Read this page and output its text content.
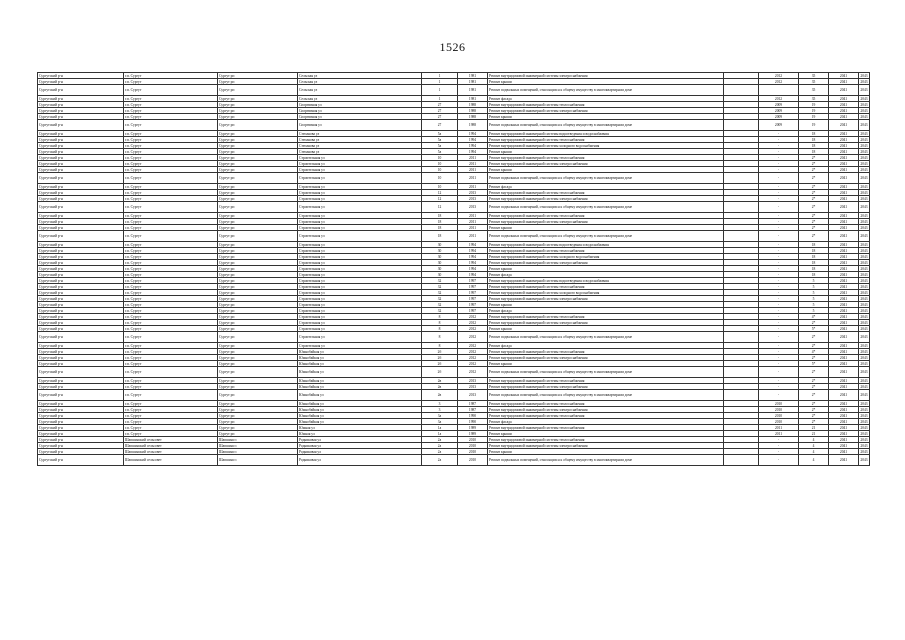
1526
Сургутский р-н	г.п. Сургут	Сургут рп	Сельская ул	1	1981	Ремонт внутридомовой инженерной системы электроснабжения		2012	35	2041	2043
Сургутский р-н	г.п. Сургут	Сургут рп	Сельская ул	1	1981	Ремонт крыши		2012	35	2041	2043
Сургутский р-н	г.п. Сургут	Сургут рп	Сельская ул	1	1981	Ремонт подвальных помещений, относящихся к общему имуществу в многоквартирном доме			35	2041	2043
Сургутский р-н	г.п. Сургут	Сургут рп	Сельская ул	1	1981	Ремонт фасада		2012	35	2041	2043
Сургутский р-н	г.п. Сургут	Сургут рп	Спортивная ул	27	1988	Ремонт внутридомовой инженерной системы теплоснабжения		2009	19	2041	2043
Сургутский р-н	г.п. Сургут	Сургут рп	Спортивная ул	27	1988	Ремонт внутридомовой инженерной системы электроснабжения		2009	19	2041	2043
Сургутский р-н	г.п. Сургут	Сургут рп	Спортивная ул	27	1988	Ремонт крыши		2009	19	2041	2043
Сургутский р-н	г.п. Сургут	Сургут рп	Спортивная ул	27	1988	Ремонт подвальных помещений, относящихся к общему имуществу в многоквартирном доме		2009	19	2041	2043
Сургутский р-н	г.п. Сургут	Сургут рп	Степанова ул	5а	1994	Ремонт внутридомовой инженерной системы водоотведения и водоснабжения		-	18	2041	2043
Сургутский р-н	г.п. Сургут	Сургут рп	Степанова ул	5а	1994	Ремонт внутридомовой инженерной системы теплоснабжения		-	18	2041	2043
Сургутский р-н	г.п. Сургут	Сургут рп	Степанова ул	5а	1994	Ремонт внутридомовой инженерной системы холодного водоснабжения		-	18	2041	2043
Сургутский р-н	г.п. Сургут	Сургут рп	Степанова ул	5а	1994	Ремонт крыши		-	18	2041	2043
Сургутский р-н	г.п. Сургут	Сургут рп	Строительная ул	10	2011	Ремонт внутридомовой инженерной системы теплоснабжения		-	2*	2041	2043
Сургутский р-н	г.п. Сургут	Сургут рп	Строительная ул	10	2011	Ремонт внутридомовой инженерной системы электроснабжения		-	2*	2041	2043
Сургутский р-н	г.п. Сургут	Сургут рп	Строительная ул	10	2011	Ремонт крыши		-	2*	2041	2043
Сургутский р-н	г.п. Сургут	Сургут рп	Строительная ул	10	2011	Ремонт подвальных помещений, относящихся к общему имуществу в многоквартирном доме		-	2*	2041	2043
Сургутский р-н	г.п. Сургут	Сургут рп	Строительная ул	10	2011	Ремонт фасада		-	2*	2041	2043
Сургутский р-н	г.п. Сургут	Сургут рп	Строительная ул	12	2013	Ремонт внутридомовой инженерной системы теплоснабжения		-	2*	2041	2043
Сургутский р-н	г.п. Сургут	Сургут рп	Строительная ул	12	2013	Ремонт внутридомовой инженерной системы электроснабжения		-	2*	2041	2043
Сургутский р-н	г.п. Сургут	Сургут рп	Строительная ул	12	2013	Ремонт подвальных помещений, относящихся к общему имуществу в многоквартирном доме		-	2*	2041	2043
Сургутский р-н	г.п. Сургут	Сургут рп	Строительная ул	18	2011	Ремонт внутридомовой инженерной системы теплоснабжения		-	2*	2041	2043
Сургутский р-н	г.п. Сургут	Сургут рп	Строительная ул	18	2011	Ремонт внутридомовой инженерной системы электроснабжения		-	2*	2041	2043
Сургутский р-н	г.п. Сургут	Сургут рп	Строительная ул	18	2011	Ремонт крыши		-	2*	2041	2043
Сургутский р-н	г.п. Сургут	Сургут рп	Строительная ул	18	2011	Ремонт подвальных помещений, относящихся к общему имуществу в многоквартирном доме		-	2*	2041	2043
Сургутский р-н	г.п. Сургут	Сургут рп	Строительная ул	30	1994	Ремонт внутридомовой инженерной системы водоотведения и водоснабжения		-	18	2041	2043
Сургутский р-н	г.п. Сургут	Сургут рп	Строительная ул	30	1994	Ремонт внутридомовой инженерной системы теплоснабжения		-	18	2041	2043
Сургутский р-н	г.п. Сургут	Сургут рп	Строительная ул	30	1994	Ремонт внутридомовой инженерной системы холодного водоснабжения		-	18	2041	2043
Сургутский р-н	г.п. Сургут	Сургут рп	Строительная ул	30	1994	Ремонт внутридомовой инженерной системы электроснабжения		-	18	2041	2043
Сургутский р-н	г.п. Сургут	Сургут рп	Строительная ул	30	1994	Ремонт крыши		-	18	2041	2043
Сургутский р-н	г.п. Сургут	Сургут рп	Строительная ул	30	1994	Ремонт фасада		-	18	2041	2043
Сургутский р-н	г.п. Сургут	Сургут рп	Строительная ул	32	1997	Ремонт внутридомовой инженерной системы водоотведения и водоснабжения		-	5	2041	2043
Сургутский р-н	г.п. Сургут	Сургут рп	Строительная ул	32	1997	Ремонт внутридомовой инженерной системы теплоснабжения		-	5	2041	2043
Сургутский р-н	г.п. Сургут	Сургут рп	Строительная ул	32	1997	Ремонт внутридомовой инженерной системы холодного водоснабжения		-	5	2041	2043
Сургутский р-н	г.п. Сургут	Сургут рп	Строительная ул	32	1997	Ремонт внутридомовой инженерной системы электроснабжения		-	5	2041	2043
Сургутский р-н	г.п. Сургут	Сургут рп	Строительная ул	32	1997	Ремонт крыши		-	5	2041	2043
Сургутский р-н	г.п. Сургут	Сургут рп	Строительная ул	32	1997	Ремонт фасада		-	5	2041	2043
Сургутский р-н	г.п. Сургут	Сургут рп	Строительная ул	8	2012	Ремонт внутридомовой инженерной системы теплоснабжения		-	4*	2041	2043
Сургутский р-н	г.п. Сургут	Сургут рп	Строительная ул	8	2012	Ремонт внутридомовой инженерной системы электроснабжения		-	2*	2041	2043
Сургутский р-н	г.п. Сургут	Сургут рп	Строительная ул	8	2012	Ремонт крыши		-	5*	2041	2043
Сургутский р-н	г.п. Сургут	Сургут рп	Строительная ул	8	2012	Ремонт подвальных помещений, относящихся к общему имуществу в многоквартирном доме		-	2*	2041	2043
Сургутский р-н	г.п. Сургут	Сургут рп	Строительная ул	8	2012	Ремонт фасада		-	2*	2041	2043
Сургутский р-н	г.п. Сургут	Сургут рп	Южнобайкая ул	2б	2012	Ремонт внутридомовой инженерной системы теплоснабжения		-	4*	2041	2043
Сургутский р-н	г.п. Сургут	Сургут рп	Южнобайкая ул	2б	2012	Ремонт внутридомовой инженерной системы электроснабжения		-	2*	2041	2043
Сургутский р-н	г.п. Сургут	Сургут рп	Южнобайкая ул	2б	2012	Ремонт крыши		-	5*	2041	2043
Сургутский р-н	г.п. Сургут	Сургут рп	Южнобайкая ул	2б	2012	Ремонт подвальных помещений, относящихся к общему имуществу в многоквартирном доме		-	2*	2041	2043
Сургутский р-н	г.п. Сургут	Сургут рп	Южнобайкая ул	2в	2013	Ремонт внутридомовой инженерной системы теплоснабжения		-	2*	2041	2043
Сургутский р-н	г.п. Сургут	Сургут рп	Южнобайкая ул	2в	2013	Ремонт внутридомовой инженерной системы электроснабжения		-	2*	2041	2043
Сургутский р-н	г.п. Сургут	Сургут рп	Южнобайкая ул	2в	2013	Ремонт подвальных помещений, относящихся к общему имуществу в многоквартирном доме		-	2*	2041	2043
Сургутский р-н	г.п. Сургут	Сургут рп	Южнобайкая ул	3	1987	Ремонт внутридомовой инженерной системы теплоснабжения		2010	2*	2041	2043
Сургутский р-н	г.п. Сургут	Сургут рп	Южнобайкая ул	3	1987	Ремонт внутридомовой инженерной системы электроснабжения		2010	2*	2041	2043
Сургутский р-н	г.п. Сургут	Сургут рп	Южнобайкая ул	3а	1990	Ремонт внутридомовой инженерной системы теплоснабжения		2010	2*	2041	2043
Сургутский р-н	г.п. Сургут	Сургут рп	Южнобайкая ул	3а	1990	Ремонт фасада		2010	2*	2041	2043
Сургутский р-н	г.п. Сургут	Сургут рп	Южная ул	1а	1989	Ремонт внутридомовой инженерной системы теплоснабжения		2011	21	2041	2043
Сургутский р-н	г.п. Сургут	Сургут рп	Южная ул	1а	1989	Ремонт крыши		2011	21	2041	2043
Сургутский р-н	Шапшинский сельсовет	Шапшино с	Родниковая ул	2а	2010	Ремонт внутридомовой инженерной системы теплоснабжения		-	4	2041	2043
Сургутский р-н	Шапшинский сельсовет	Шапшино с	Родниковая ул	2а	2010	Ремонт внутридомовой инженерной системы электроснабжения		-	4	2041	2043
Сургутский р-н	Шапшинский сельсовет	Шапшино с	Родниковая ул	2а	2010	Ремонт крыши		-	4	2041	2043
Сургутский р-н	Шапшинский сельсовет	Шапшино с	Родниковая ул	2а	2010	Ремонт подвальных помещений, относящихся к общему имуществу в многоквартирном доме		-	4	2041	2043
